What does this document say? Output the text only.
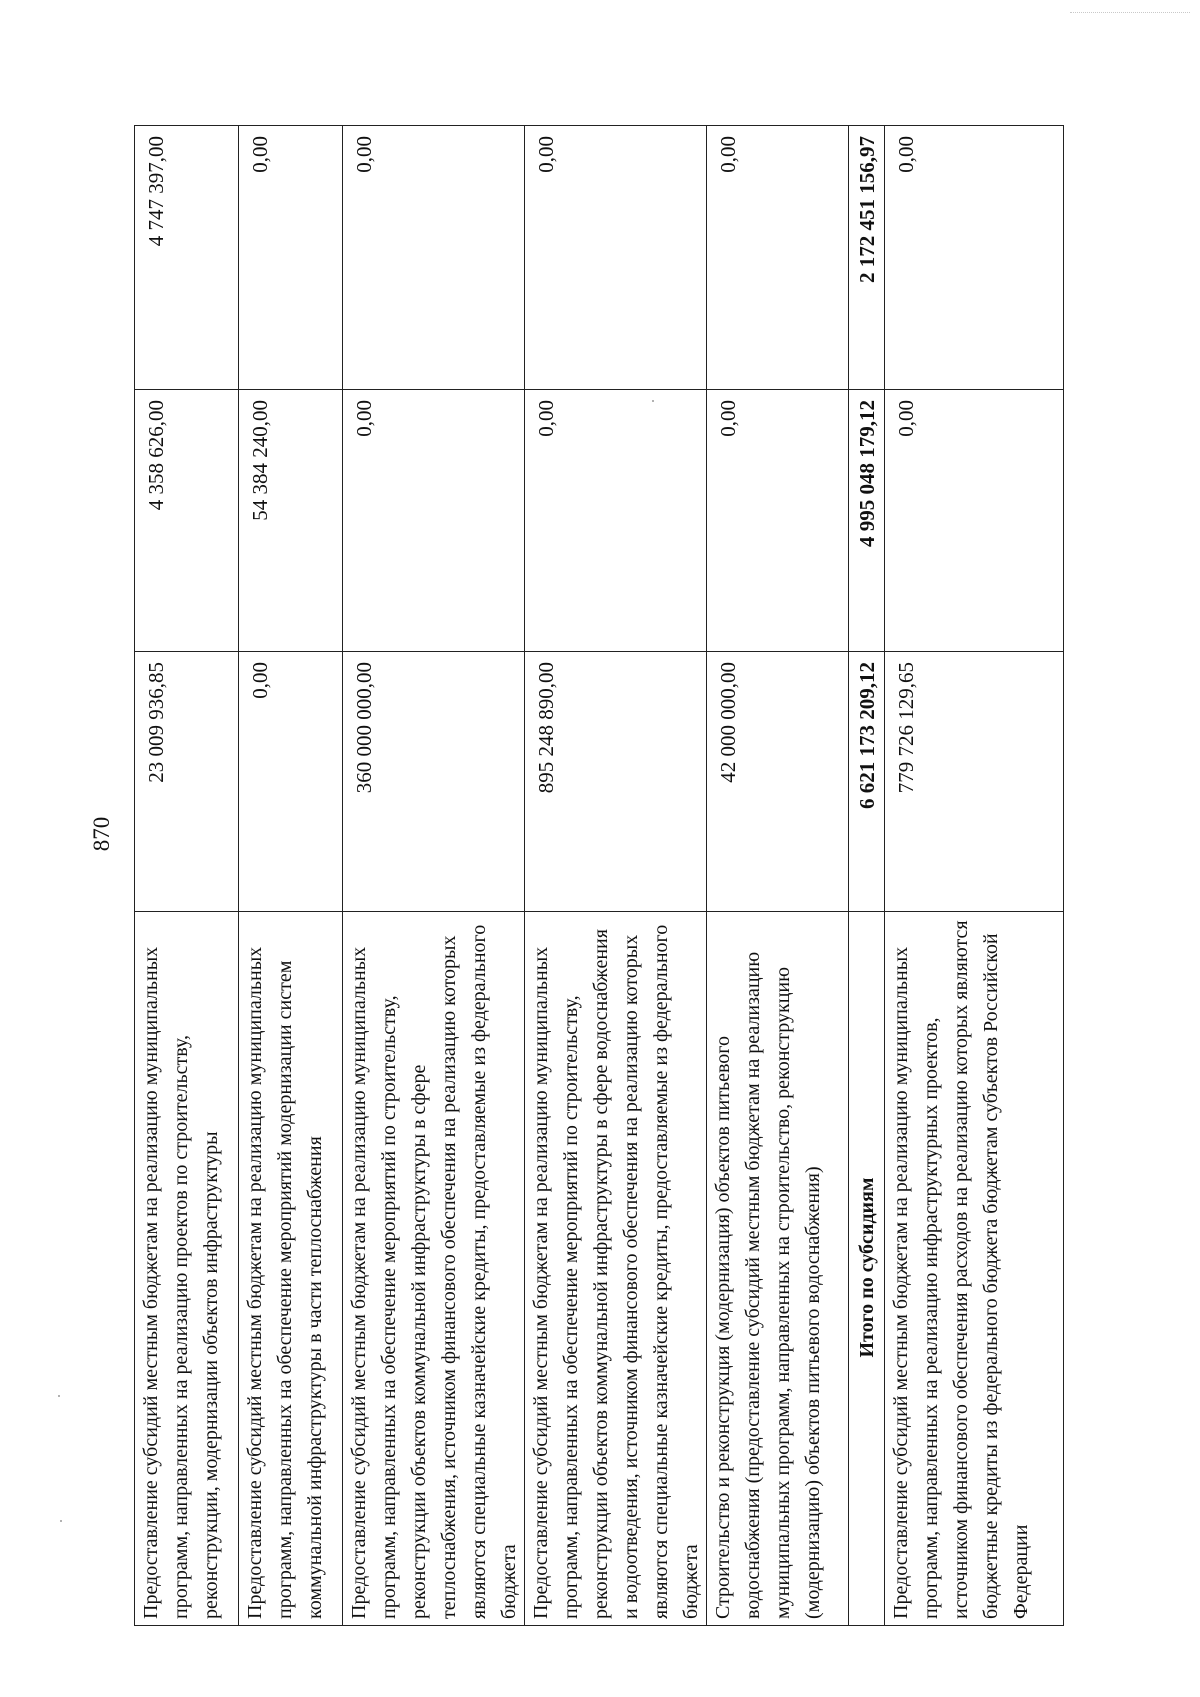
870
Предоставление субсидий местным бюджетам на реализацию муниципальных программ, направленных на реализацию проектов по строительству, реконструкции, модернизации объектов инфраструктуры	23 009 936,85	4 358 626,00	4 747 397,00
Предоставление субсидий местным бюджетам на реализацию муниципальных программ, направленных на обеспечение мероприятий модернизации систем коммунальной инфраструктуры в части теплоснабжения	0,00	54 384 240,00	0,00
Предоставление субсидий местным бюджетам на реализацию муниципальных программ, направленных на обеспечение мероприятий по строительству, реконструкции объектов коммунальной инфраструктуры в сфере теплоснабжения, источником финансового обеспечения на реализацию которых являются специальные казначейские кредиты, предоставляемые из федерального бюджета	360 000 000,00	0,00	0,00
Предоставление субсидий местным бюджетам на реализацию муниципальных программ, направленных на обеспечение мероприятий по строительству, реконструкции объектов коммунальной инфраструктуры в сфере водоснабжения и водоотведения, источником финансового обеспечения на реализацию которых являются специальные казначейские кредиты, предоставляемые из федерального бюджета	895 248 890,00	0,00	0,00
Строительство и реконструкция (модернизация) объектов питьевого водоснабжения (предоставление субсидий местным бюджетам на реализацию муниципальных программ, направленных на строительство, реконструкцию (модернизацию) объектов питьевого водоснабжения)	42 000 000,00	0,00	0,00
Итого по субсидиям	6 621 173 209,12	4 995 048 179,12	2 172 451 156,97
Предоставление субсидий местным бюджетам на реализацию муниципальных программ, направленных на реализацию инфраструктурных проектов, источником финансового обеспечения расходов на реализацию которых являются бюджетные кредиты из федерального бюджета бюджетам субъектов Российской Федерации	779 726 129,65	0,00	0,00
